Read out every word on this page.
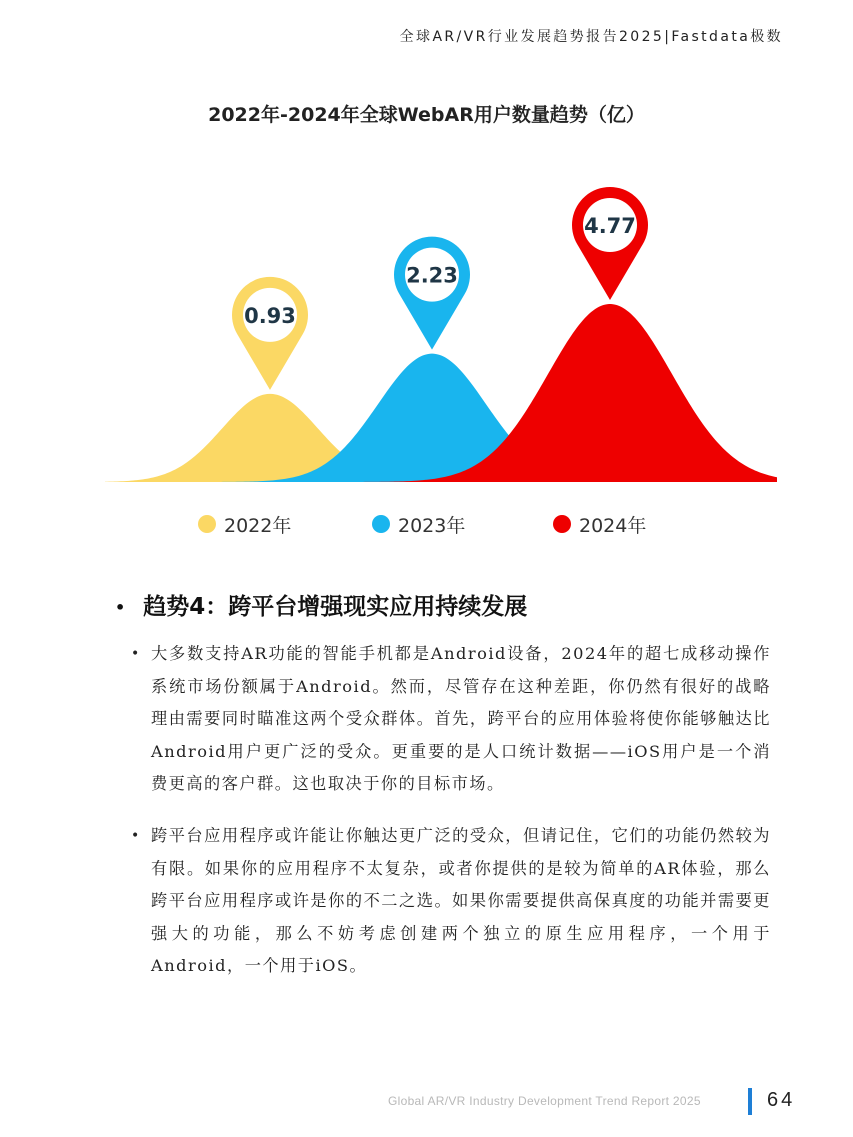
全球AR/VR行业发展趋势报告2025|Fastdata极数
2022年-2024年全球WebAR用户数量趋势（亿）
0.93
2.23
4.77
2022年	2023年	2024年
• 趋势4：跨平台增强现实应用持续发展
• 大多数支持AR功能的智能手机都是Android设备，2024年的超七成移动操作系统市场份额属于Android。然而，尽管存在这种差距，你仍然有很好的战略理由需要同时瞄准这两个受众群体。首先，跨平台的应用体验将使你能够触达比Android用户更广泛的受众。更重要的是人口统计数据——iOS用户是一个消费更高的客户群。这也取决于你的目标市场。
• 跨平台应用程序或许能让你触达更广泛的受众，但请记住，它们的功能仍然较为有限。如果你的应用程序不太复杂，或者你提供的是较为简单的AR体验，那么跨平台应用程序或许是你的不二之选。如果你需要提供高保真度的功能并需要更强大的功能，那么不妨考虑创建两个独立的原生应用程序，一个用于Android，一个用于iOS。
Global AR/VR Industry Development Trend Report 2025	64
